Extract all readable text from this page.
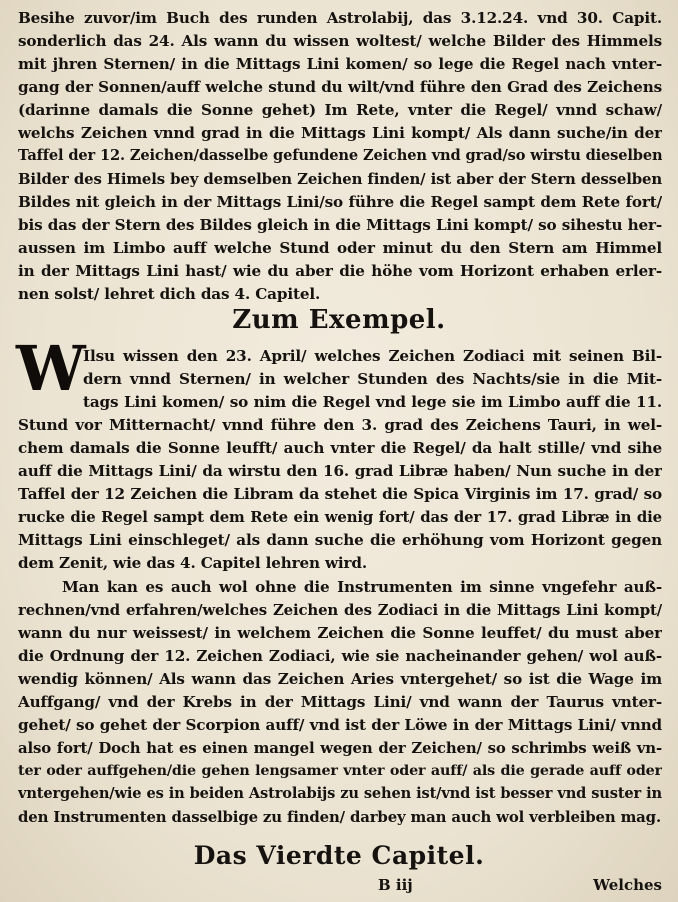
Besihe zuvor/im Buch des runden Astrolabij, das 3.12.24. vnd 30. Capit.
sonderlich das 24. Als wann du wissen woltest/ welche Bilder des Himmels
mit jhren Sternen/ in die Mittags Lini komen/ so lege die Regel nach vnter-
gang der Sonnen/auff welche stund du wilt/vnd führe den Grad des Zeichens
(darinne damals die Sonne gehet) Im Rete, vnter die Regel/ vnnd schaw/
welchs Zeichen vnnd grad in die Mittags Lini kompt/ Als dann suche/in der
Taffel der 12. Zeichen/dasselbe gefundene Zeichen vnd grad/so wirstu dieselben
Bilder des Himels bey demselben Zeichen finden/ ist aber der Stern desselben
Bildes nit gleich in der Mittags Lini/so führe die Regel sampt dem Rete fort/
bis das der Stern des Bildes gleich in die Mittags Lini kompt/ so sihestu her-
aussen im Limbo auff welche Stund oder minut du den Stern am Himmel
in der Mittags Lini hast/ wie du aber die höhe vom Horizont erhaben erler-
nen solst/ lehret dich das 4. Capitel.
Zum Exempel.
W
Ilsu wissen den 23. April/ welches Zeichen Zodiaci mit seinen Bil-
dern vnnd Sternen/ in welcher Stunden des Nachts/sie in die Mit-
tags Lini komen/ so nim die Regel vnd lege sie im Limbo auff die 11.
Stund vor Mitternacht/ vnnd führe den 3. grad des Zeichens Tauri, in wel-
chem damals die Sonne leufft/ auch vnter die Regel/ da halt stille/ vnd sihe
auff die Mittags Lini/ da wirstu den 16. grad Libræ haben/ Nun suche in der
Taffel der 12 Zeichen die Libram da stehet die Spica Virginis im 17. grad/ so
rucke die Regel sampt dem Rete ein wenig fort/ das der 17. grad Libræ in die
Mittags Lini einschleget/ als dann suche die erhöhung vom Horizont gegen
dem Zenit, wie das 4. Capitel lehren wird.
Man kan es auch wol ohne die Instrumenten im sinne vngefehr auß-
rechnen/vnd erfahren/welches Zeichen des Zodiaci in die Mittags Lini kompt/
wann du nur weissest/ in welchem Zeichen die Sonne leuffet/ du must aber
die Ordnung der 12. Zeichen Zodiaci, wie sie nacheinander gehen/ wol auß-
wendig können/ Als wann das Zeichen Aries vntergehet/ so ist die Wage im
Auffgang/ vnd der Krebs in der Mittags Lini/ vnd wann der Taurus vnter-
gehet/ so gehet der Scorpion auff/ vnd ist der Löwe in der Mittags Lini/ vnnd
also fort/ Doch hat es einen mangel wegen der Zeichen/ so schrimbs weiß vn-
ter oder auffgehen/die gehen lengsamer vnter oder auff/ als die gerade auff oder
vntergehen/wie es in beiden Astrolabijs zu sehen ist/vnd ist besser vnd suster in
den Instrumenten dasselbige zu finden/ darbey man auch wol verbleiben mag.
Das Vierdte Capitel.
B iij	Welches
